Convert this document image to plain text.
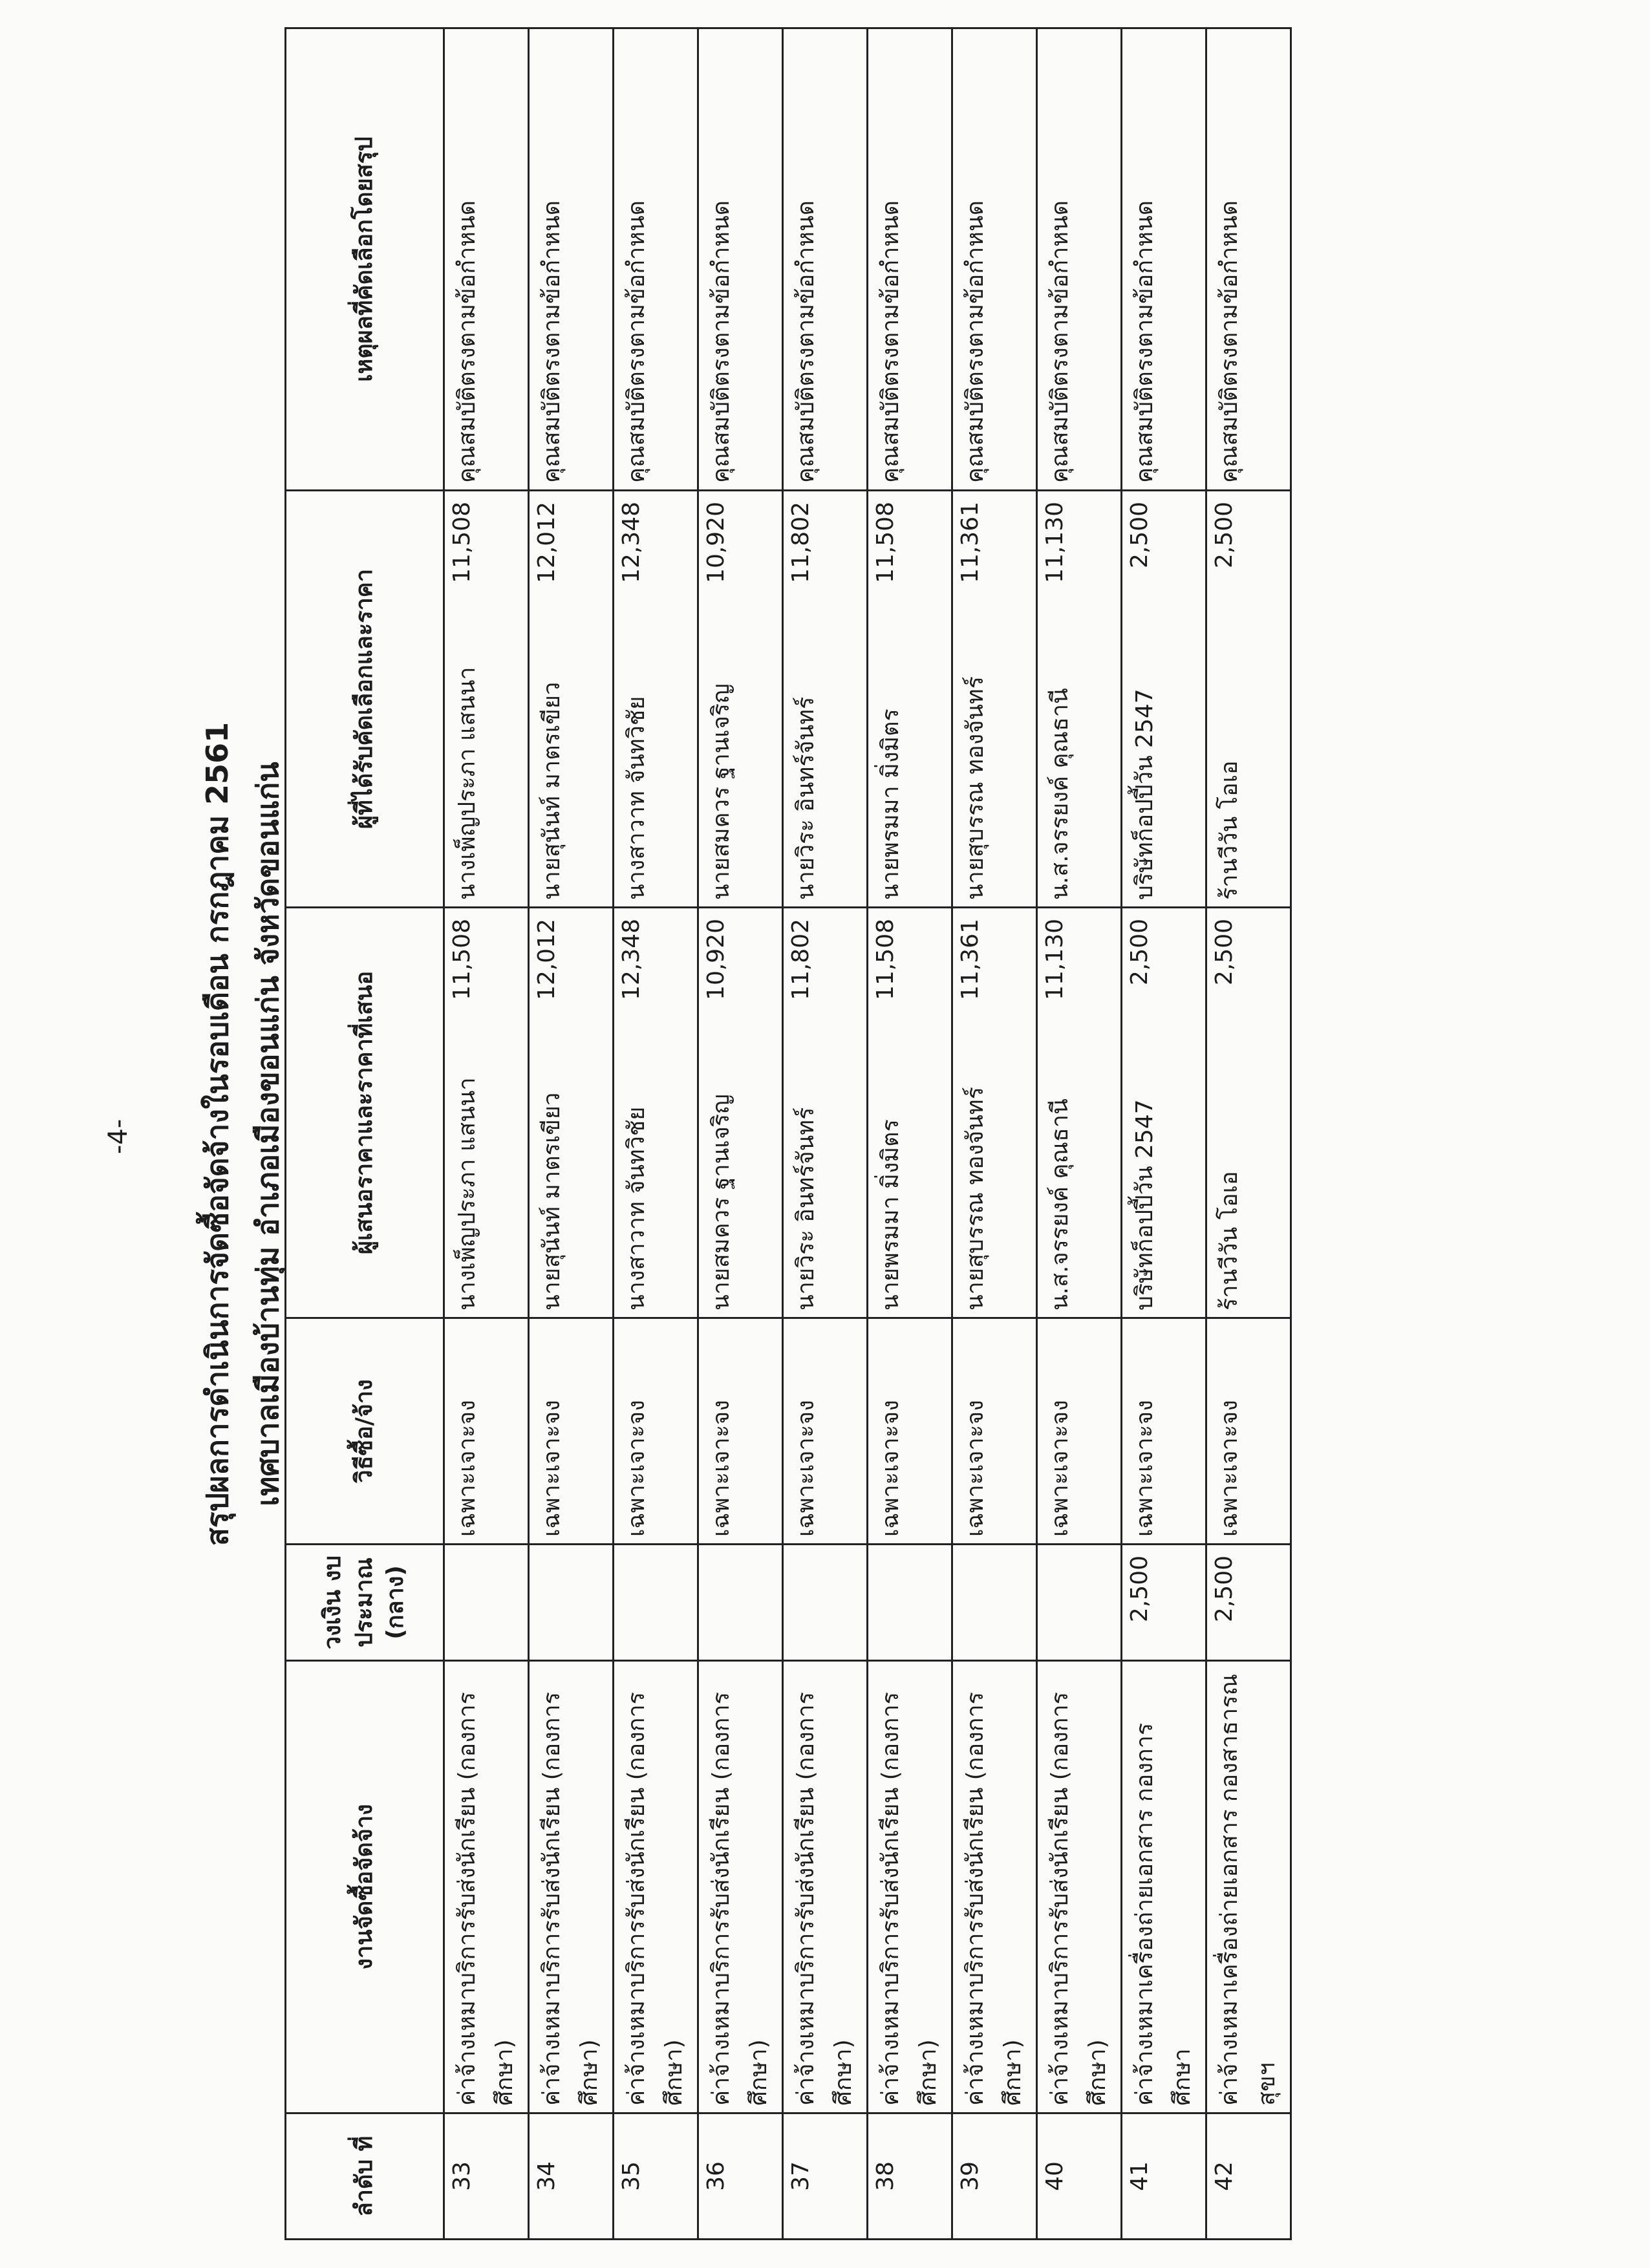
-4- สรุปผลการดำเนินการจัดซื้อจัดจ้างในรอบเดือน กรกฎาคม 2561 เทศบาลเมืองบ้านทุ่ม อำเภอเมืองขอนแก่น จังหวัดขอนแก่น
ลำดับ ที่	งานจัดซื้อจัดจ้าง	วงเงิน งบประมาณ (กลาง)	วิธีซื้อ/จ้าง	ผู้เสนอราคาและราคาที่เสนอ		ผู้ที่ได้รับคัดเลือกและราคา		เหตุผลที่คัดเลือกโดยสรุป
33	ค่าจ้างเหมาบริการรับส่งนักเรียน (กองการศึกษา)		เฉพาะเจาะจง	นางเพ็ญประภา แสนนา	11,508	นางเพ็ญประภา แสนนา	11,508	คุณสมบัติตรงตามข้อกำหนด
34	ค่าจ้างเหมาบริการรับส่งนักเรียน (กองการศึกษา)		เฉพาะเจาะจง	นายสุนันท์ มาตรเขียว	12,012	นายสุนันท์ มาตรเขียว	12,012	คุณสมบัติตรงตามข้อกำหนด
35	ค่าจ้างเหมาบริการรับส่งนักเรียน (กองการศึกษา)		เฉพาะเจาะจง	นางสาวาท จันทวิชัย	12,348	นางสาวาท จันทวิชัย	12,348	คุณสมบัติตรงตามข้อกำหนด
36	ค่าจ้างเหมาบริการรับส่งนักเรียน (กองการศึกษา)		เฉพาะเจาะจง	นายสมควร ฐานเจริญ	10,920	นายสมควร ฐานเจริญ	10,920	คุณสมบัติตรงตามข้อกำหนด
37	ค่าจ้างเหมาบริการรับส่งนักเรียน (กองการศึกษา)		เฉพาะเจาะจง	นายวิระ อินทร์จันทร์	11,802	นายวิระ อินทร์จันทร์	11,802	คุณสมบัติตรงตามข้อกำหนด
38	ค่าจ้างเหมาบริการรับส่งนักเรียน (กองการศึกษา)		เฉพาะเจาะจง	นายพรมมา มิ่งมิตร	11,508	นายพรมมา มิ่งมิตร	11,508	คุณสมบัติตรงตามข้อกำหนด
39	ค่าจ้างเหมาบริการรับส่งนักเรียน (กองการศึกษา)		เฉพาะเจาะจง	นายสุบรรณ ทองจันทร์	11,361	นายสุบรรณ ทองจันทร์	11,361	คุณสมบัติตรงตามข้อกำหนด
40	ค่าจ้างเหมาบริการรับส่งนักเรียน (กองการศึกษา)		เฉพาะเจาะจง	น.ส.จรรยงค์ คุณธานี	11,130	น.ส.จรรยงค์ คุณธานี	11,130	คุณสมบัติตรงตามข้อกำหนด
41	ค่าจ้างเหมาเครื่องถ่ายเอกสาร กองการศึกษา	2,500	เฉพาะเจาะจง	บริษัทก็อปปี้วัน 2547	2,500	บริษัทก็อปปี้วัน 2547	2,500	คุณสมบัติตรงตามข้อกำหนด
42	ค่าจ้างเหมาเครื่องถ่ายเอกสาร กองสาธารณสุขฯ	2,500	เฉพาะเจาะจง	ร้านวีวัน โอเอ	2,500	ร้านวีวัน โอเอ	2,500	คุณสมบัติตรงตามข้อกำหนด
